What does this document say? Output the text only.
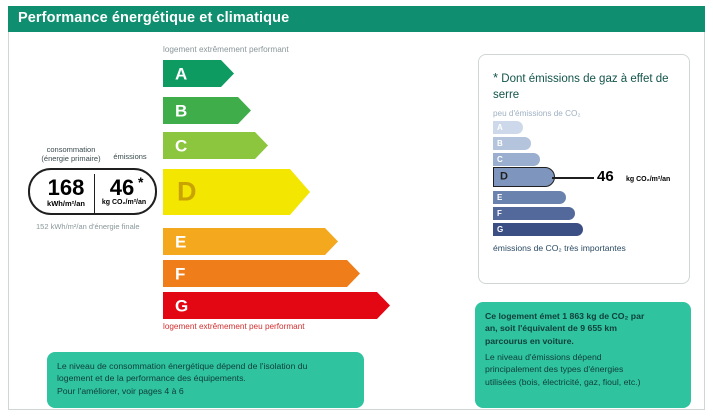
Performance énergétique et climatique
logement extrêmement performant
logement extrêmement peu performant
A
B
C
D
E
F
G
consommation (énergie primaire)	émissions
168
kWh/m²/an
46 *
kg CO₂/m²/an
152 kWh/m²/an d'énergie finale
* Dont émissions de gaz à effet de serre
peu d'émissions de CO₂
A
B
C
D
E
F
G
émissions de CO₂ très importantes
46 kg CO₂/m²/an

Le niveau de consommation énergétique dépend de l'isolation du

logement et de la performance des équipements.

Pour l'améliorer, voir pages 4 à 6

Ce logement émet 1 863 kg de CO₂ par

an, soit l'équivalent de 9 655 km

parcourus en voiture.

Le niveau d'émissions dépend

principalement des types d'énergies

utilisées (bois, électricité, gaz, fioul, etc.)
